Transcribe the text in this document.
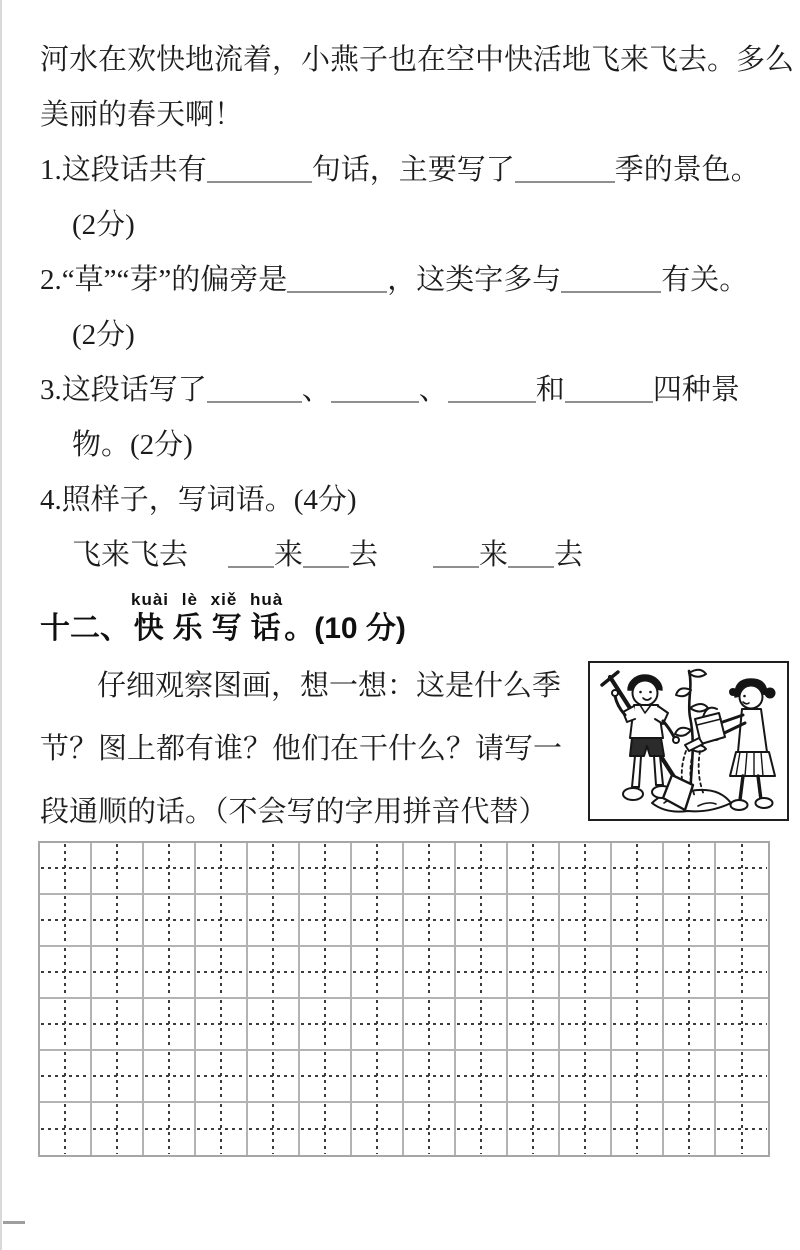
河水在欢快地流着，小燕子也在空中快活地飞来飞去。多么
美丽的春天啊！
1.这段话共有	句话，主要写了	季的景色。
(2分)
2.“草”“芽”的偏旁是	，这类字多与	有关。
(2分)
3.这段话写了	、	、	和	四种景
物。(2分)
4.照样子，写词语。(4分)
飞来飞去	来 去	来 去
十二、
kuài lè xiě huà
快乐写话
。(10 分)
仔细观察图画，想一想：这是什么季
节？图上都有谁？他们在干什么？请写一
段通顺的话。（不会写的字用拼音代替）
